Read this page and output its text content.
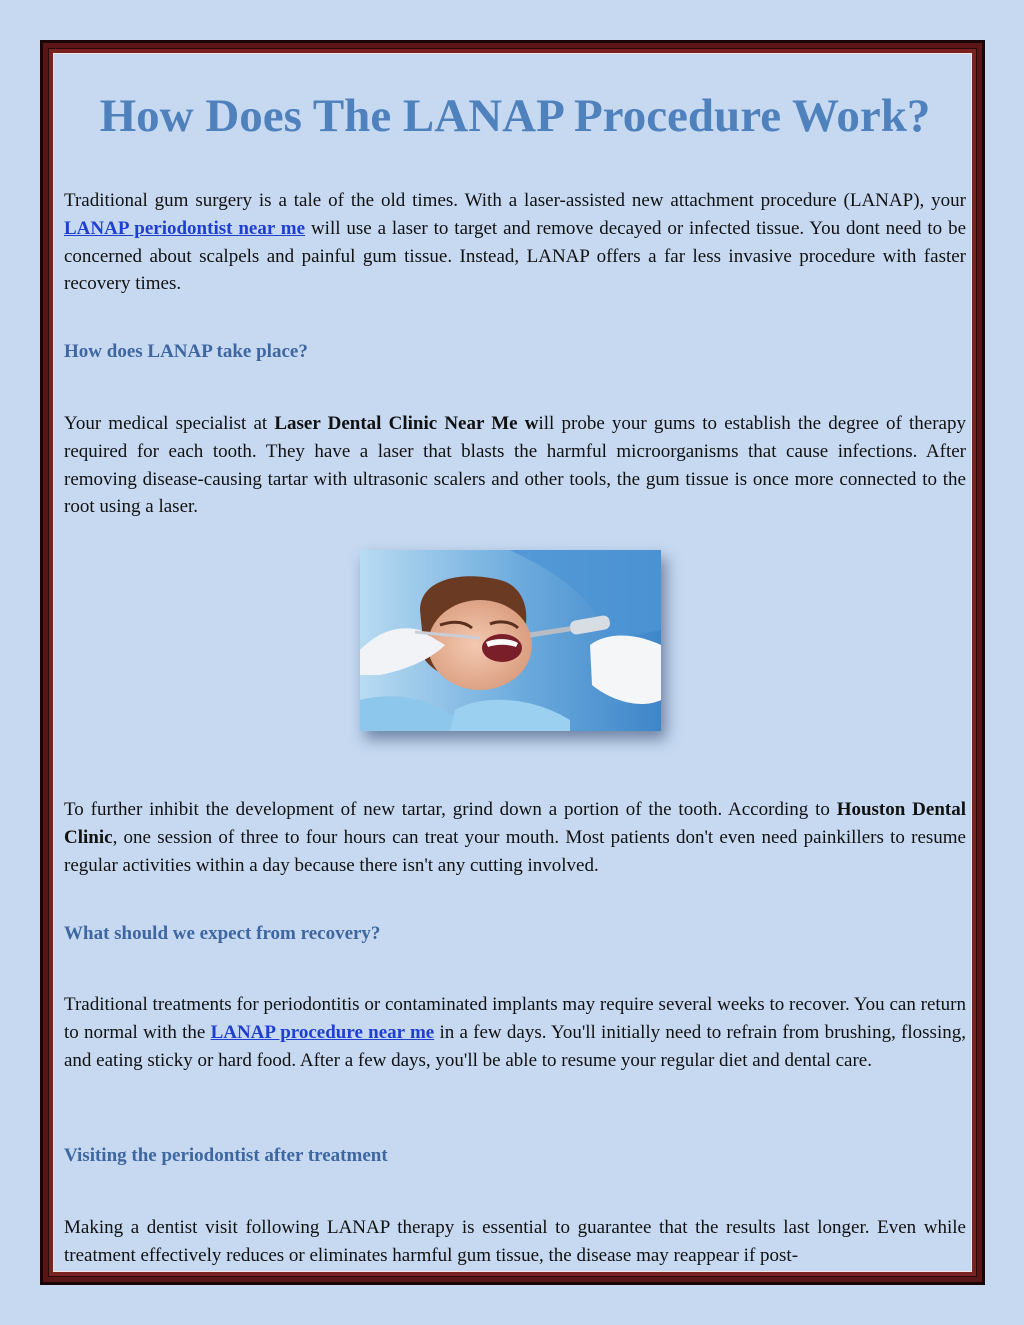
How Does The LANAP Procedure Work?

Traditional gum surgery is a tale of the old times. With a laser-assisted new attachment procedure (LANAP), your LANAP periodontist near me will use a laser to target and remove decayed or infected tissue. You dont need to be concerned about scalpels and painful gum tissue. Instead, LANAP offers a far less invasive procedure with faster recovery times.

How does LANAP take place?

Your medical specialist at Laser Dental Clinic Near Me will probe your gums to establish the degree of therapy required for each tooth. They have a laser that blasts the harmful microorganisms that cause infections. After removing disease-causing tartar with ultrasonic scalers and other tools, the gum tissue is once more connected to the root using a laser.

To further inhibit the development of new tartar, grind down a portion of the tooth. According to Houston Dental Clinic, one session of three to four hours can treat your mouth. Most patients don't even need painkillers to resume regular activities within a day because there isn't any cutting involved.

What should we expect from recovery?

Traditional treatments for periodontitis or contaminated implants may require several weeks to recover. You can return to normal with the LANAP procedure near me in a few days. You'll initially need to refrain from brushing, flossing, and eating sticky or hard food. After a few days, you'll be able to resume your regular diet and dental care.

Visiting the periodontist after treatment

Making a dentist visit following LANAP therapy is essential to guarantee that the results last longer. Even while treatment effectively reduces or eliminates harmful gum tissue, the disease may reappear if post-
